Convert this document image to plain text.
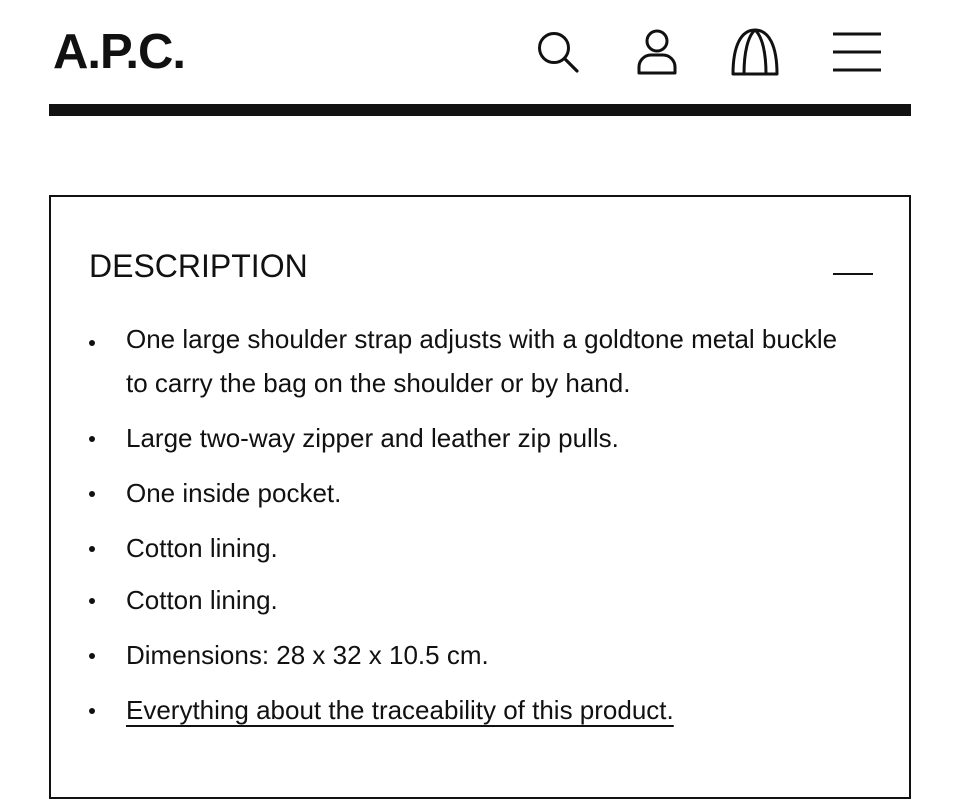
A.P.C.
DESCRIPTION
One large shoulder strap adjusts with a goldtone metal buckle to carry the bag on the shoulder or by hand.
Large two-way zipper and leather zip pulls.
One inside pocket.
Cotton lining.
Cotton lining.
Dimensions: 28 x 32 x 10.5 cm.
Everything about the traceability of this product.
